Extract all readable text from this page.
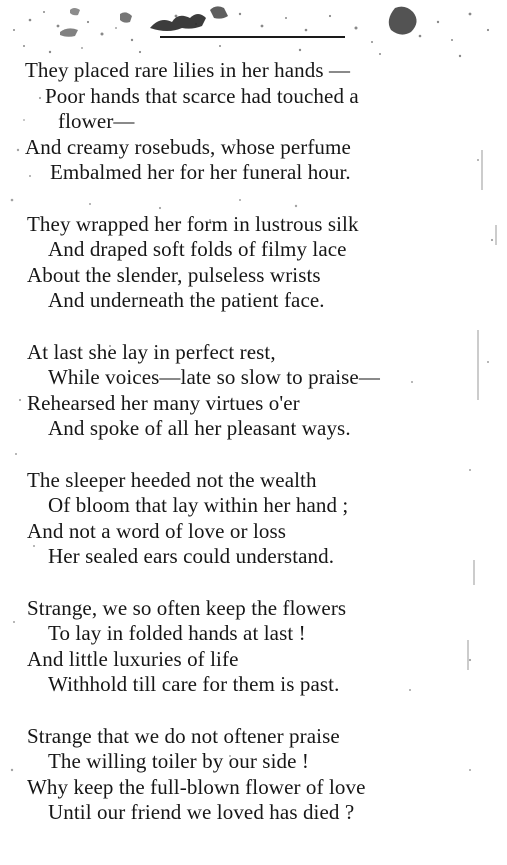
They placed rare lilies in her hands —
Poor hands that scarce had touched a
flower—
And creamy rosebuds, whose perfume
Embalmed her for her funeral hour.
They wrapped her form in lustrous silk
And draped soft folds of filmy lace
About the slender, pulseless wrists
And underneath the patient face.
At last she lay in perfect rest,
While voices—late so slow to praise—
Rehearsed her many virtues o'er
And spoke of all her pleasant ways.
The sleeper heeded not the wealth
Of bloom that lay within her hand ;
And not a word of love or loss
Her sealed ears could understand.
Strange, we so often keep the flowers
To lay in folded hands at last !
And little luxuries of life
Withhold till care for them is past.
Strange that we do not oftener praise
The willing toiler by our side !
Why keep the full-blown flower of love
Until our friend we loved has died ?
